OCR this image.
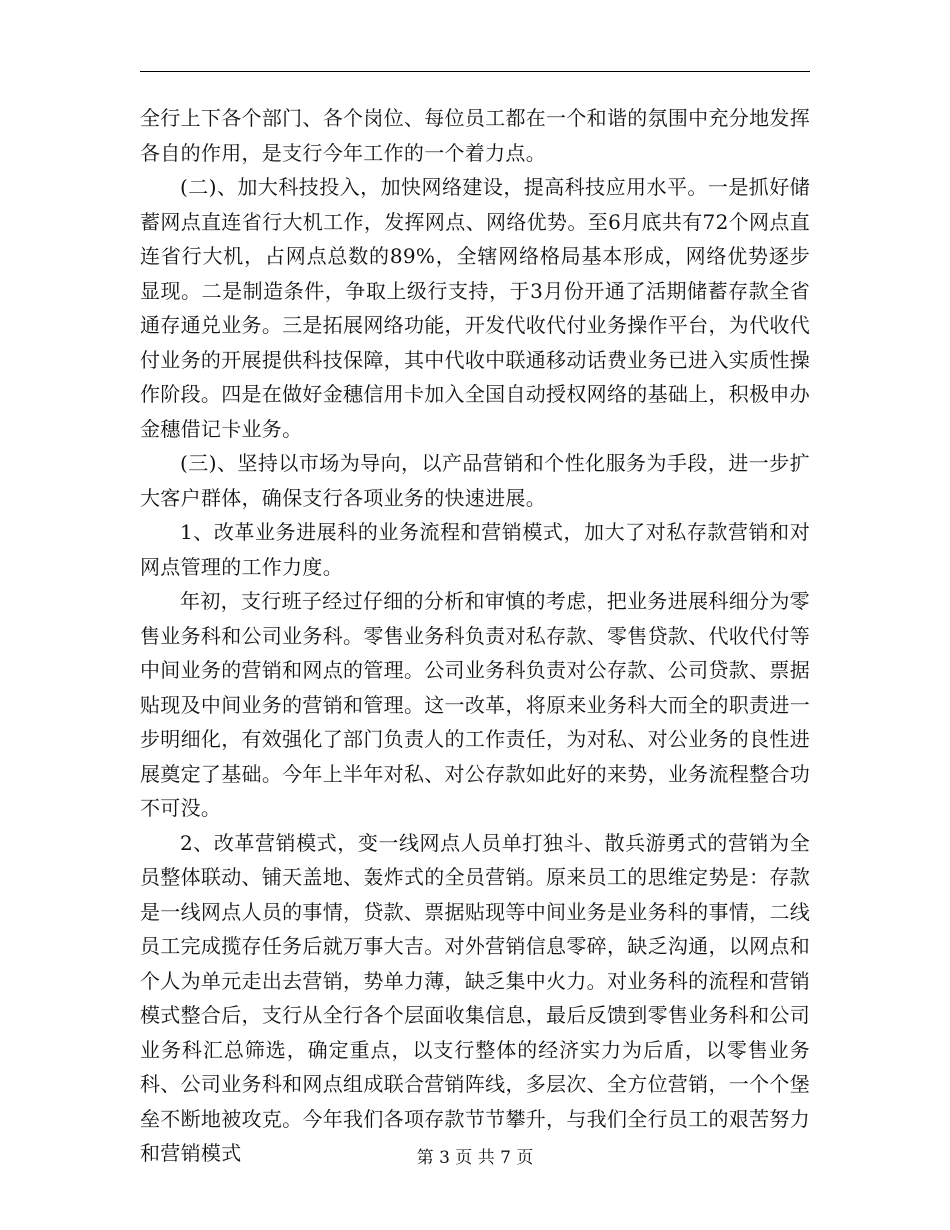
全行上下各个部门、各个岗位、每位员工都在一个和谐的氛围中充分地发挥各自的作用，是支行今年工作的一个着力点。

(二)、加大科技投入，加快网络建设，提高科技应用水平。一是抓好储蓄网点直连省行大机工作，发挥网点、网络优势。至6月底共有72个网点直连省行大机，占网点总数的89%，全辖网络格局基本形成，网络优势逐步显现。二是制造条件，争取上级行支持，于3月份开通了活期储蓄存款全省通存通兑业务。三是拓展网络功能，开发代收代付业务操作平台，为代收代付业务的开展提供科技保障，其中代收中联通移动话费业务已进入实质性操作阶段。四是在做好金穗信用卡加入全国自动授权网络的基础上，积极申办金穗借记卡业务。

(三)、坚持以市场为导向，以产品营销和个性化服务为手段，进一步扩大客户群体，确保支行各项业务的快速进展。

1、改革业务进展科的业务流程和营销模式，加大了对私存款营销和对网点管理的工作力度。

年初，支行班子经过仔细的分析和审慎的考虑，把业务进展科细分为零售业务科和公司业务科。零售业务科负责对私存款、零售贷款、代收代付等中间业务的营销和网点的管理。公司业务科负责对公存款、公司贷款、票据贴现及中间业务的营销和管理。这一改革，将原来业务科大而全的职责进一步明细化，有效强化了部门负责人的工作责任，为对私、对公业务的良性进展奠定了基础。今年上半年对私、对公存款如此好的来势，业务流程整合功不可没。

2、改革营销模式，变一线网点人员单打独斗、散兵游勇式的营销为全员整体联动、铺天盖地、轰炸式的全员营销。原来员工的思维定势是：存款是一线网点人员的事情，贷款、票据贴现等中间业务是业务科的事情，二线员工完成揽存任务后就万事大吉。对外营销信息零碎，缺乏沟通，以网点和个人为单元走出去营销，势单力薄，缺乏集中火力。对业务科的流程和营销模式整合后，支行从全行各个层面收集信息，最后反馈到零售业务科和公司业务科汇总筛选，确定重点，以支行整体的经济实力为后盾，以零售业务科、公司业务科和网点组成联合营销阵线，多层次、全方位营销，一个个堡垒不断地被攻克。今年我们各项存款节节攀升，与我们全行员工的艰苦努力和营销模式	第 3 页 共 7 页
